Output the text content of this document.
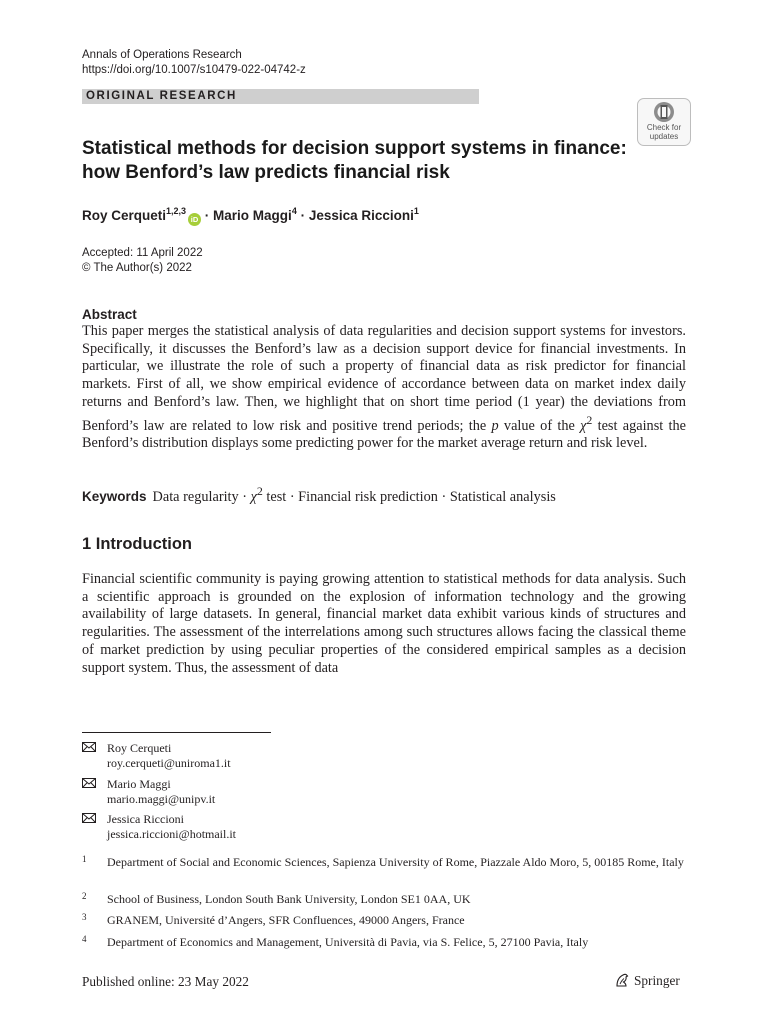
Annals of Operations Research
https://doi.org/10.1007/s10479-022-04742-z
ORIGINAL RESEARCH
Check for
updates
Statistical methods for decision support systems in finance:
how Benford’s law predicts financial risk
Roy Cerqueti$^{1,2,3}$iD · Mario Maggi$^4$ · Jessica Riccioni$^1$
Accepted: 11 April 2022
© The Author(s) 2022
Abstract
This paper merges the statistical analysis of data regularities and decision support systems for investors. Specifically, it discusses the Benford’s law as a decision support device for financial investments. In particular, we illustrate the role of such a property of financial data as risk predictor for financial markets. First of all, we show empirical evidence of accordance between data on market index daily returns and Benford’s law. Then, we highlight that on short time period (1 year) the deviations from Benford’s law are related to low risk and positive trend periods; the p value of the $\chi^2$ test against the Benford’s distribution displays some predicting power for the market average return and risk level.
Keywords Data regularity · $\chi^2$ test · Financial risk prediction · Statistical analysis
1 Introduction
Financial scientific community is paying growing attention to statistical methods for data analysis. Such a scientific approach is grounded on the explosion of information technology and the growing availability of large datasets. In general, financial market data exhibit various kinds of structures and regularities. The assessment of the interrelations among such structures allows facing the classical theme of market prediction by using peculiar properties of the considered empirical samples as a decision support system. Thus, the assessment of data
Roy Cerqueti
roy.cerqueti@uniroma1.it
Mario Maggi
mario.maggi@unipv.it
Jessica Riccioni
jessica.riccioni@hotmail.it
1 Department of Social and Economic Sciences, Sapienza University of Rome, Piazzale Aldo Moro, 5, 00185 Rome, Italy
2 School of Business, London South Bank University, London SE1 0AA, UK
3 GRANEM, Université d’Angers, SFR Confluences, 49000 Angers, France
4 Department of Economics and Management, Università di Pavia, via S. Felice, 5, 27100 Pavia, Italy
Published online: 23 May 2022	Springer
